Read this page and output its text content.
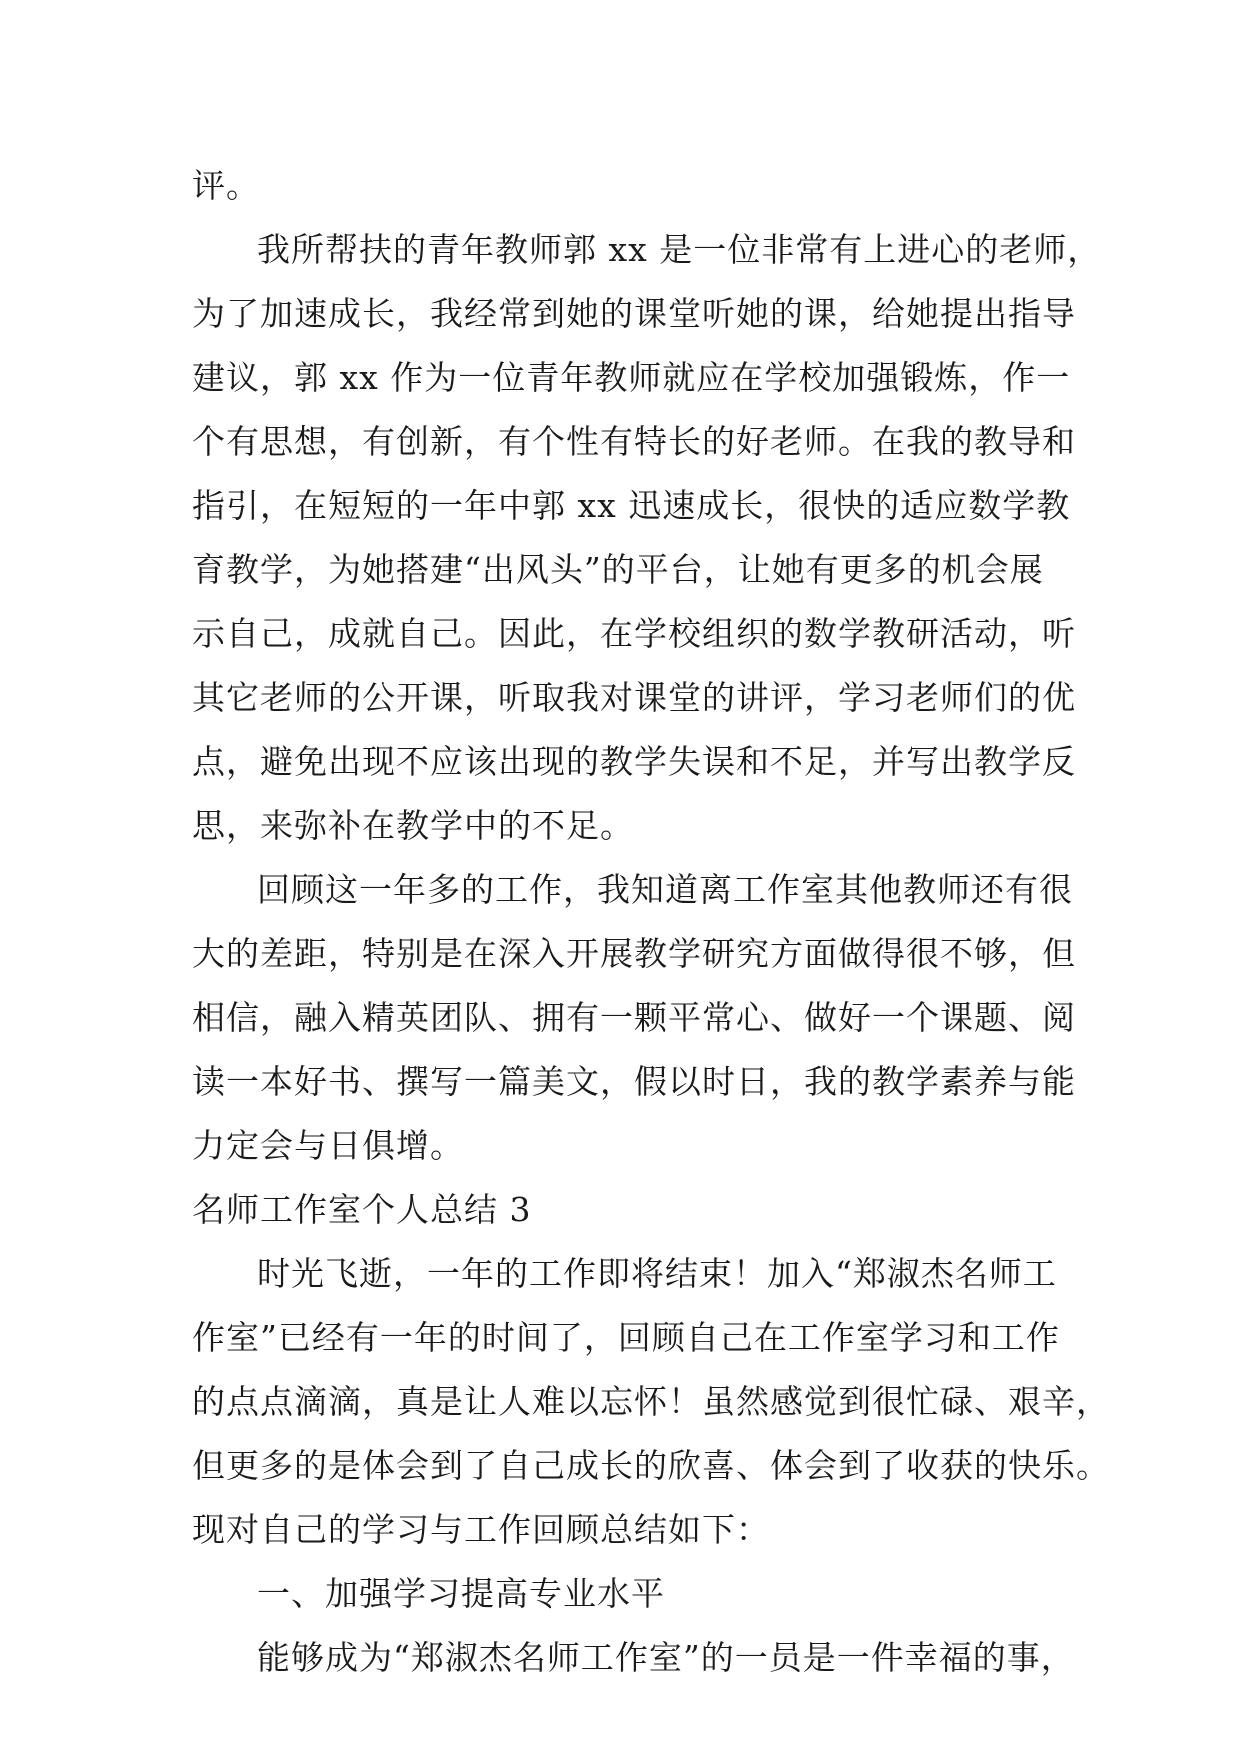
评。
我所帮扶的青年教师郭 xx 是一位非常有上进心的老师，
为了加速成长，我经常到她的课堂听她的课，给她提出指导
建议，郭 xx 作为一位青年教师就应在学校加强锻炼，作一
个有思想，有创新，有个性有特长的好老师。在我的教导和
指引，在短短的一年中郭 xx 迅速成长，很快的适应数学教
育教学，为她搭建“出风头”的平台，让她有更多的机会展
示自己，成就自己。因此，在学校组织的数学教研活动，听
其它老师的公开课，听取我对课堂的讲评，学习老师们的优
点，避免出现不应该出现的教学失误和不足，并写出教学反
思，来弥补在教学中的不足。
回顾这一年多的工作，我知道离工作室其他教师还有很
大的差距，特别是在深入开展教学研究方面做得很不够，但
相信，融入精英团队、拥有一颗平常心、做好一个课题、阅
读一本好书、撰写一篇美文，假以时日，我的教学素养与能
力定会与日俱增。
名师工作室个人总结 3
时光飞逝，一年的工作即将结束！加入“郑淑杰名师工
作室”已经有一年的时间了，回顾自己在工作室学习和工作
的点点滴滴，真是让人难以忘怀！虽然感觉到很忙碌、艰辛，
但更多的是体会到了自己成长的欣喜、体会到了收获的快乐。
现对自己的学习与工作回顾总结如下：
一、加强学习提高专业水平
能够成为“郑淑杰名师工作室”的一员是一件幸福的事，
